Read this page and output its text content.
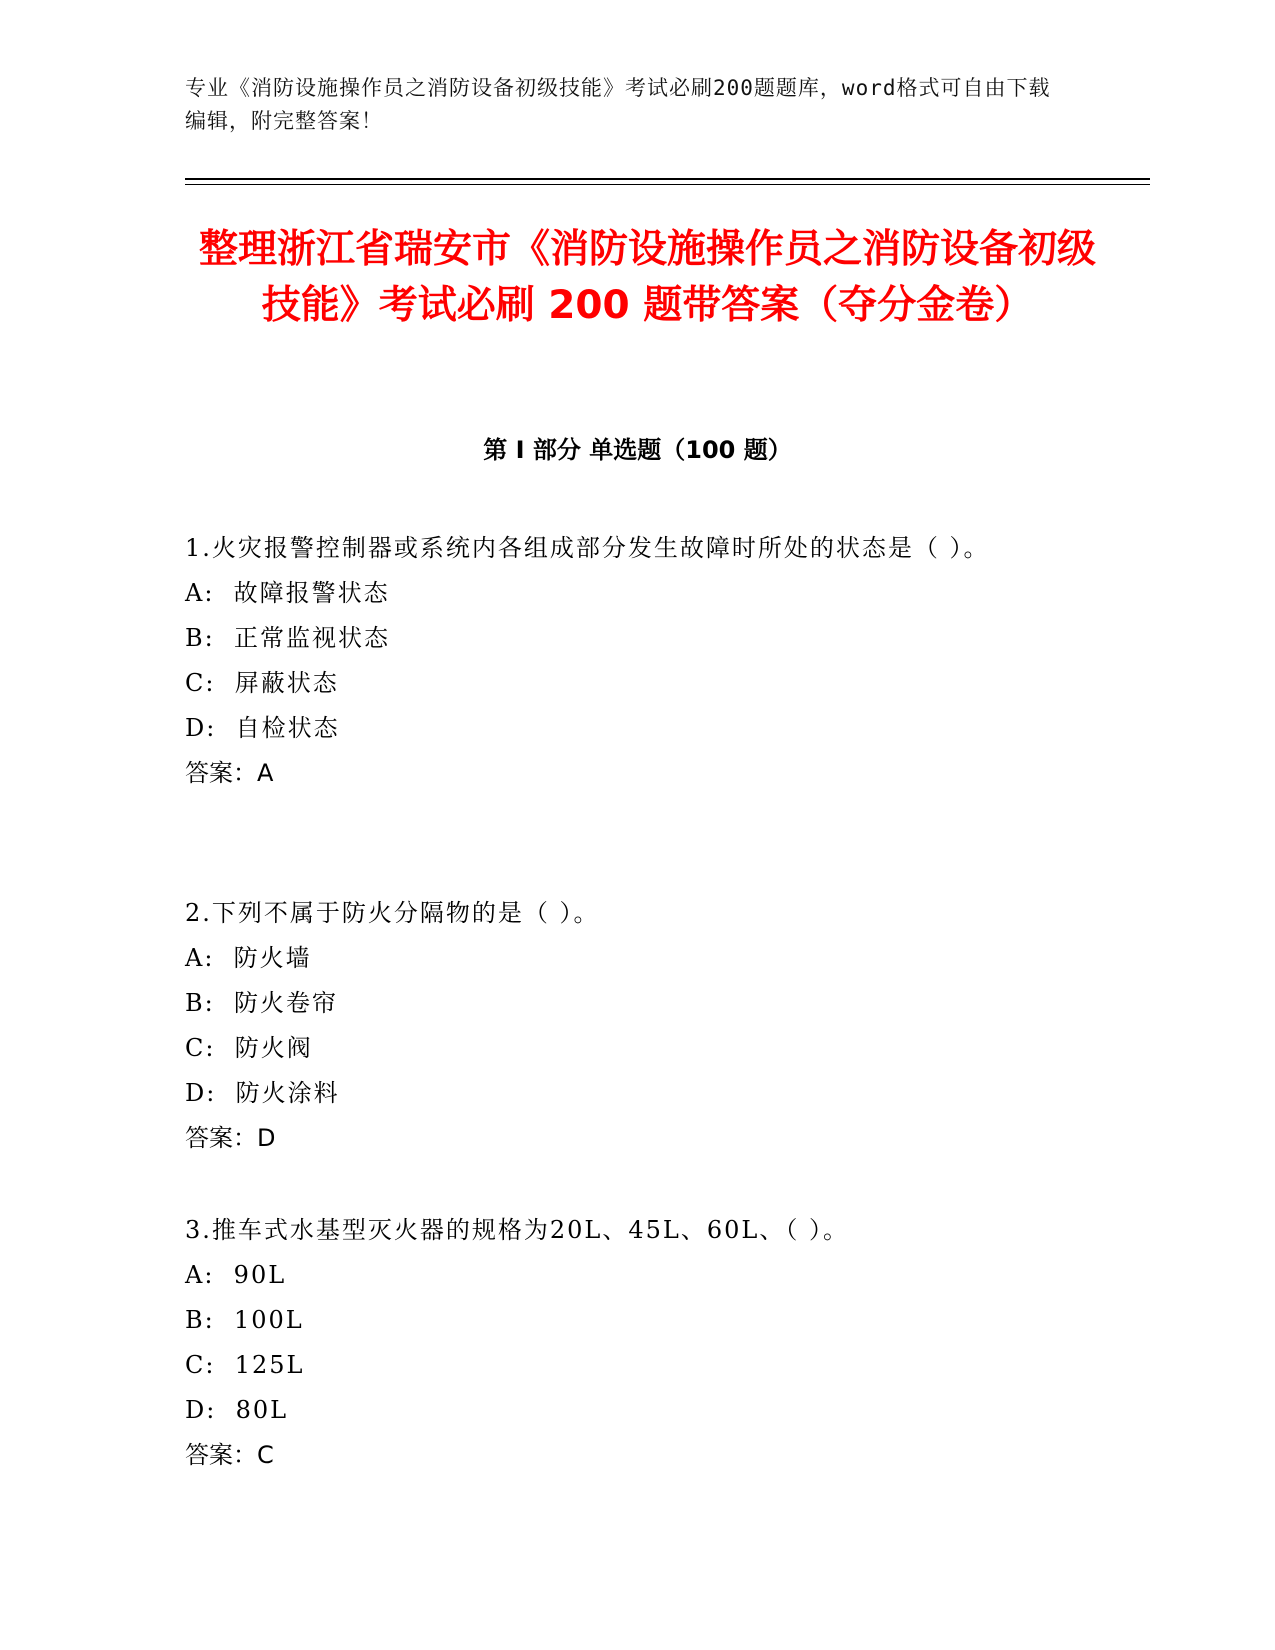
专业《消防设施操作员之消防设备初级技能》考试必刷200题题库，word格式可自由下载编辑，附完整答案！
整理浙江省瑞安市《消防设施操作员之消防设备初级技能》考试必刷 200 题带答案（夺分金卷）
第 I 部分 单选题（100 题）

1.火灾报警控制器或系统内各组成部分发生故障时所处的状态是（ ）。

A:  故障报警状态

B:  正常监视状态

C:  屏蔽状态

D:  自检状态

答案：A

2.下列不属于防火分隔物的是（ ）。

A:  防火墙

B:  防火卷帘

C:  防火阀

D:  防火涂料

答案：D

3.推车式水基型灭火器的规格为20L、45L、60L、（ ）。

A:  90L

B:  100L

C:  125L

D:  80L

答案：C
